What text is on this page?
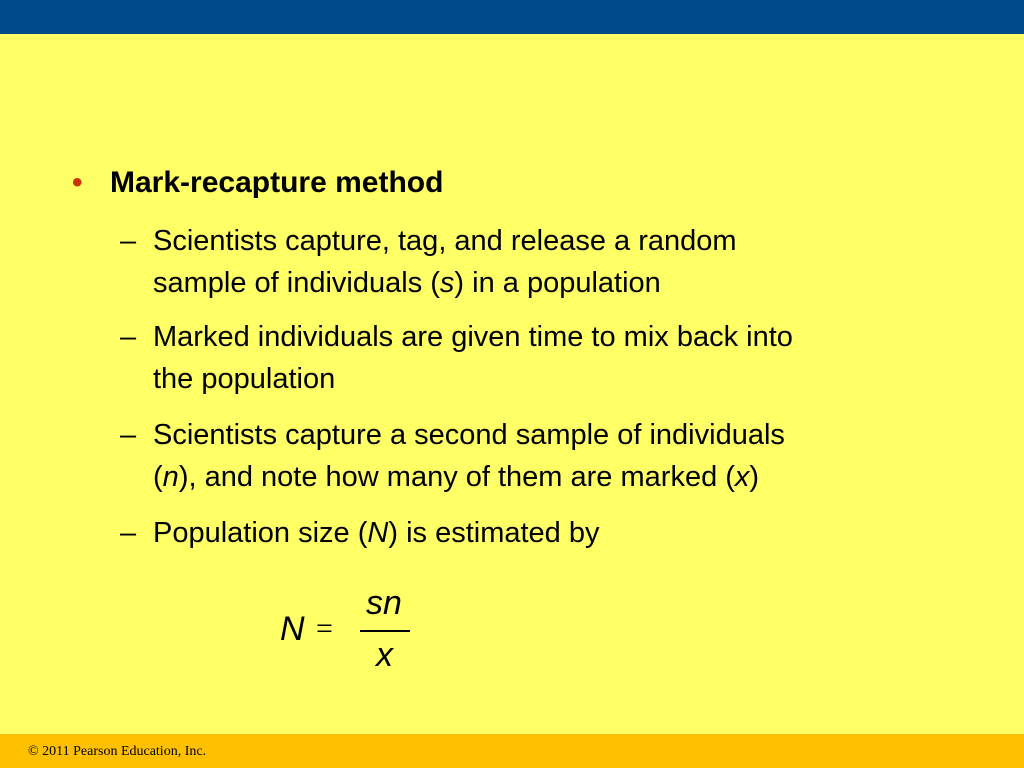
• Mark-recapture method
– Scientists capture, tag, and release a random
sample of individuals (s) in a population
– Marked individuals are given time to mix back into
the population
– Scientists capture a second sample of individuals
(n), and note how many of them are marked (x)
– Population size (N) is estimated by
N =
sn
x
© 2011 Pearson Education, Inc.
